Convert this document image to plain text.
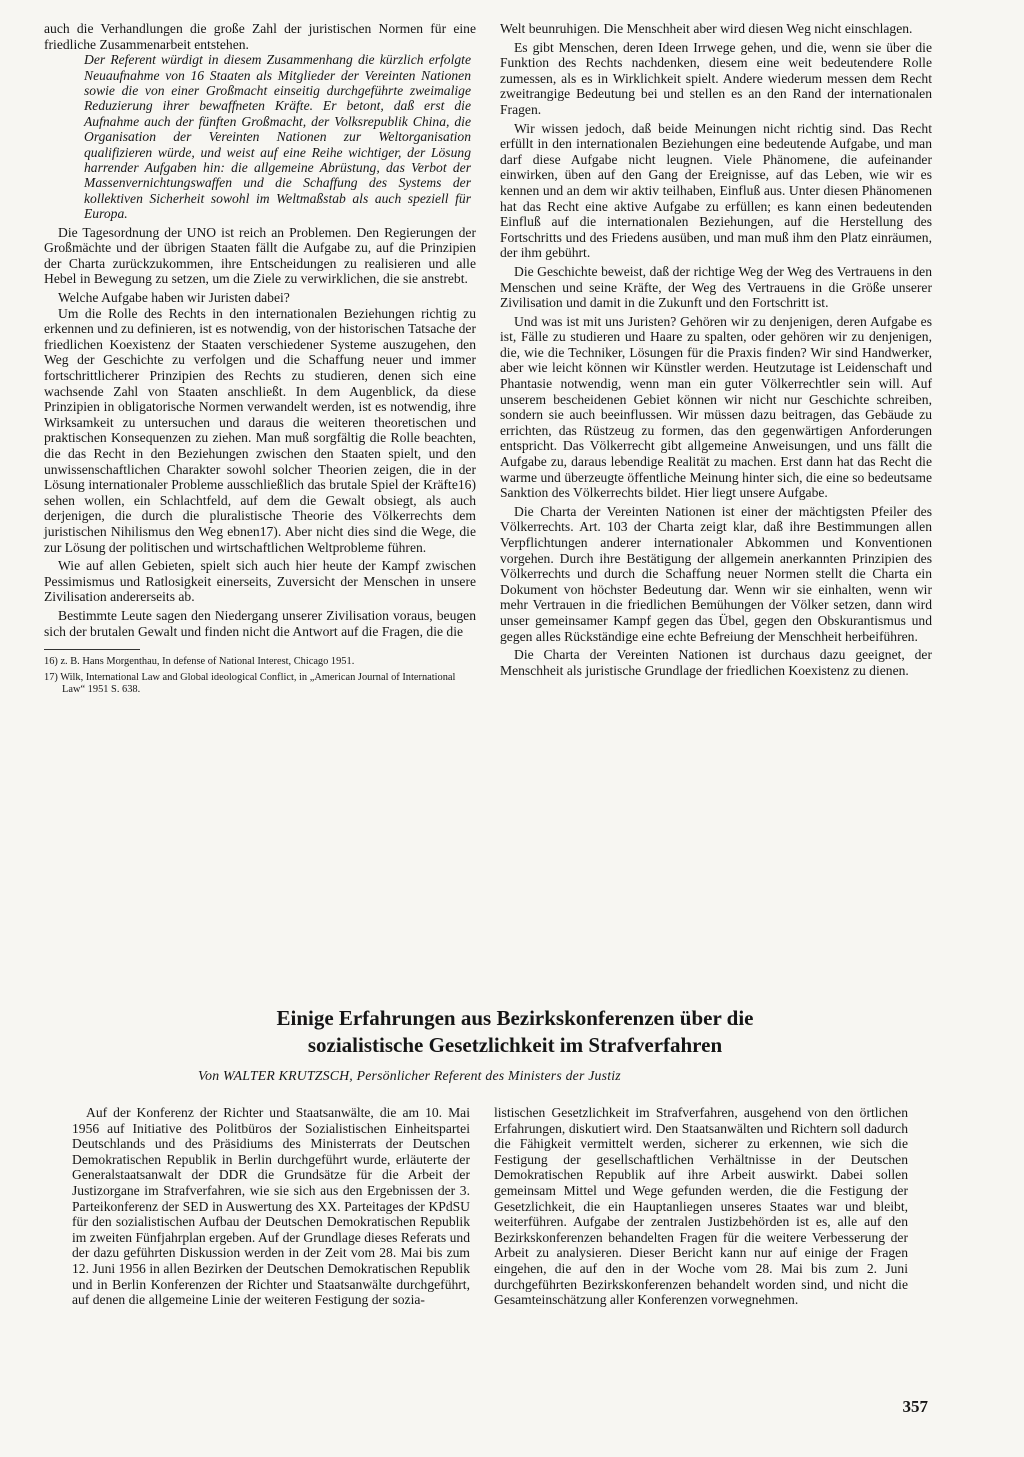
auch die Verhandlungen die große Zahl der juristischen Normen für eine friedliche Zusammenarbeit entstehen.

Der Referent würdigt in diesem Zusammenhang die kürzlich erfolgte Neuaufnahme von 16 Staaten als Mitglieder der Vereinten Nationen sowie die von einer Großmacht einseitig durchgeführte zweimalige Reduzierung ihrer bewaffneten Kräfte. Er betont, daß erst die Aufnahme auch der fünften Großmacht, der Volksrepublik China, die Organisation der Vereinten Nationen zur Weltorganisation qualifizieren würde, und weist auf eine Reihe wichtiger, der Lösung harrender Aufgaben hin: die allgemeine Abrüstung, das Verbot der Massenvernichtungswaffen und die Schaffung des Systems der kollektiven Sicherheit sowohl im Weltmaßstab als auch speziell für Europa.

Die Tagesordnung der UNO ist reich an Problemen. Den Regierungen der Großmächte und der übrigen Staaten fällt die Aufgabe zu, auf die Prinzipien der Charta zurückzukommen, ihre Entscheidungen zu realisieren und alle Hebel in Bewegung zu setzen, um die Ziele zu verwirklichen, die sie anstrebt.

Welche Aufgabe haben wir Juristen dabei?

Um die Rolle des Rechts in den internationalen Beziehungen richtig zu erkennen und zu definieren, ist es notwendig, von der historischen Tatsache der friedlichen Koexistenz der Staaten verschiedener Systeme auszugehen, den Weg der Geschichte zu verfolgen und die Schaffung neuer und immer fortschrittlicherer Prinzipien des Rechts zu studieren, denen sich eine wachsende Zahl von Staaten anschließt. In dem Augenblick, da diese Prinzipien in obligatorische Normen verwandelt werden, ist es notwendig, ihre Wirksamkeit zu untersuchen und daraus die weiteren theoretischen und praktischen Konsequenzen zu ziehen. Man muß sorgfältig die Rolle beachten, die das Recht in den Beziehungen zwischen den Staaten spielt, und den unwissenschaftlichen Charakter sowohl solcher Theorien zeigen, die in der Lösung internationaler Probleme ausschließlich das brutale Spiel der Kräfte16) sehen wollen, ein Schlachtfeld, auf dem die Gewalt obsiegt, als auch derjenigen, die durch die pluralistische Theorie des Völkerrechts dem juristischen Nihilismus den Weg ebnen17). Aber nicht dies sind die Wege, die zur Lösung der politischen und wirtschaftlichen Weltprobleme führen.

Wie auf allen Gebieten, spielt sich auch hier heute der Kampf zwischen Pessimismus und Ratlosigkeit einerseits, Zuversicht der Menschen in unsere Zivilisation andererseits ab.

Bestimmte Leute sagen den Niedergang unserer Zivilisation voraus, beugen sich der brutalen Gewalt und finden nicht die Antwort auf die Fragen, die die

16) z. B. Hans Morgenthau, In defense of National Interest, Chicago 1951.

17) Wilk, International Law and Global ideological Conflict, in „American Journal of International Law“ 1951 S. 638.

Welt beunruhigen. Die Menschheit aber wird diesen Weg nicht einschlagen.

Es gibt Menschen, deren Ideen Irrwege gehen, und die, wenn sie über die Funktion des Rechts nachdenken, diesem eine weit bedeutendere Rolle zumessen, als es in Wirklichkeit spielt. Andere wiederum messen dem Recht zweitrangige Bedeutung bei und stellen es an den Rand der internationalen Fragen.

Wir wissen jedoch, daß beide Meinungen nicht richtig sind. Das Recht erfüllt in den internationalen Beziehungen eine bedeutende Aufgabe, und man darf diese Aufgabe nicht leugnen. Viele Phänomene, die aufeinander einwirken, üben auf den Gang der Ereignisse, auf das Leben, wie wir es kennen und an dem wir aktiv teilhaben, Einfluß aus. Unter diesen Phänomenen hat das Recht eine aktive Aufgabe zu erfüllen; es kann einen bedeutenden Einfluß auf die internationalen Beziehungen, auf die Herstellung des Fortschritts und des Friedens ausüben, und man muß ihm den Platz einräumen, der ihm gebührt.

Die Geschichte beweist, daß der richtige Weg der Weg des Vertrauens in den Menschen und seine Kräfte, der Weg des Vertrauens in die Größe unserer Zivilisation und damit in die Zukunft und den Fortschritt ist.

Und was ist mit uns Juristen? Gehören wir zu denjenigen, deren Aufgabe es ist, Fälle zu studieren und Haare zu spalten, oder gehören wir zu denjenigen, die, wie die Techniker, Lösungen für die Praxis finden? Wir sind Handwerker, aber wie leicht können wir Künstler werden. Heutzutage ist Leidenschaft und Phantasie notwendig, wenn man ein guter Völkerrechtler sein will. Auf unserem bescheidenen Gebiet können wir nicht nur Geschichte schreiben, sondern sie auch beeinflussen. Wir müssen dazu beitragen, das Gebäude zu errichten, das Rüstzeug zu formen, das den gegenwärtigen Anforderungen entspricht. Das Völkerrecht gibt allgemeine Anweisungen, und uns fällt die Aufgabe zu, daraus lebendige Realität zu machen. Erst dann hat das Recht die warme und überzeugte öffentliche Meinung hinter sich, die eine so bedeutsame Sanktion des Völkerrechts bildet. Hier liegt unsere Aufgabe.

Die Charta der Vereinten Nationen ist einer der mächtigsten Pfeiler des Völkerrechts. Art. 103 der Charta zeigt klar, daß ihre Bestimmungen allen Verpflichtungen anderer internationaler Abkommen und Konventionen vorgehen. Durch ihre Bestätigung der allgemein anerkannten Prinzipien des Völkerrechts und durch die Schaffung neuer Normen stellt die Charta ein Dokument von höchster Bedeutung dar. Wenn wir sie einhalten, wenn wir mehr Vertrauen in die friedlichen Bemühungen der Völker setzen, dann wird unser gemeinsamer Kampf gegen das Übel, gegen den Obskurantismus und gegen alles Rückständige eine echte Befreiung der Menschheit herbeiführen.

Die Charta der Vereinten Nationen ist durchaus dazu geeignet, der Menschheit als juristische Grundlage der friedlichen Koexistenz zu dienen.

Einige Erfahrungen aus Bezirkskonferenzen über die
sozialistische Gesetzlichkeit im Strafverfahren
Von WALTER KRUTZSCH, Persönlicher Referent des Ministers der Justiz

Auf der Konferenz der Richter und Staatsanwälte, die am 10. Mai 1956 auf Initiative des Politbüros der Sozialistischen Einheitspartei Deutschlands und des Präsidiums des Ministerrats der Deutschen Demokratischen Republik in Berlin durchgeführt wurde, erläuterte der Generalstaatsanwalt der DDR die Grundsätze für die Arbeit der Justizorgane im Strafverfahren, wie sie sich aus den Ergebnissen der 3. Parteikonferenz der SED in Auswertung des XX. Parteitages der KPdSU für den sozialistischen Aufbau der Deutschen Demokratischen Republik im zweiten Fünfjahrplan ergeben. Auf der Grundlage dieses Referats und der dazu geführten Diskussion werden in der Zeit vom 28. Mai bis zum 12. Juni 1956 in allen Bezirken der Deutschen Demokratischen Republik und in Berlin Konferenzen der Richter und Staatsanwälte durchgeführt, auf denen die allgemeine Linie der weiteren Festigung der sozia-

listischen Gesetzlichkeit im Strafverfahren, ausgehend von den örtlichen Erfahrungen, diskutiert wird. Den Staatsanwälten und Richtern soll dadurch die Fähigkeit vermittelt werden, sicherer zu erkennen, wie sich die Festigung der gesellschaftlichen Verhältnisse in der Deutschen Demokratischen Republik auf ihre Arbeit auswirkt. Dabei sollen gemeinsam Mittel und Wege gefunden werden, die die Festigung der Gesetzlichkeit, die ein Hauptanliegen unseres Staates war und bleibt, weiterführen. Aufgabe der zentralen Justizbehörden ist es, alle auf den Bezirkskonferenzen behandelten Fragen für die weitere Verbesserung der Arbeit zu analysieren. Dieser Bericht kann nur auf einige der Fragen eingehen, die auf den in der Woche vom 28. Mai bis zum 2. Juni durchgeführten Bezirkskonferenzen behandelt worden sind, und nicht die Gesamteinschätzung aller Konferenzen vorwegnehmen.

357
